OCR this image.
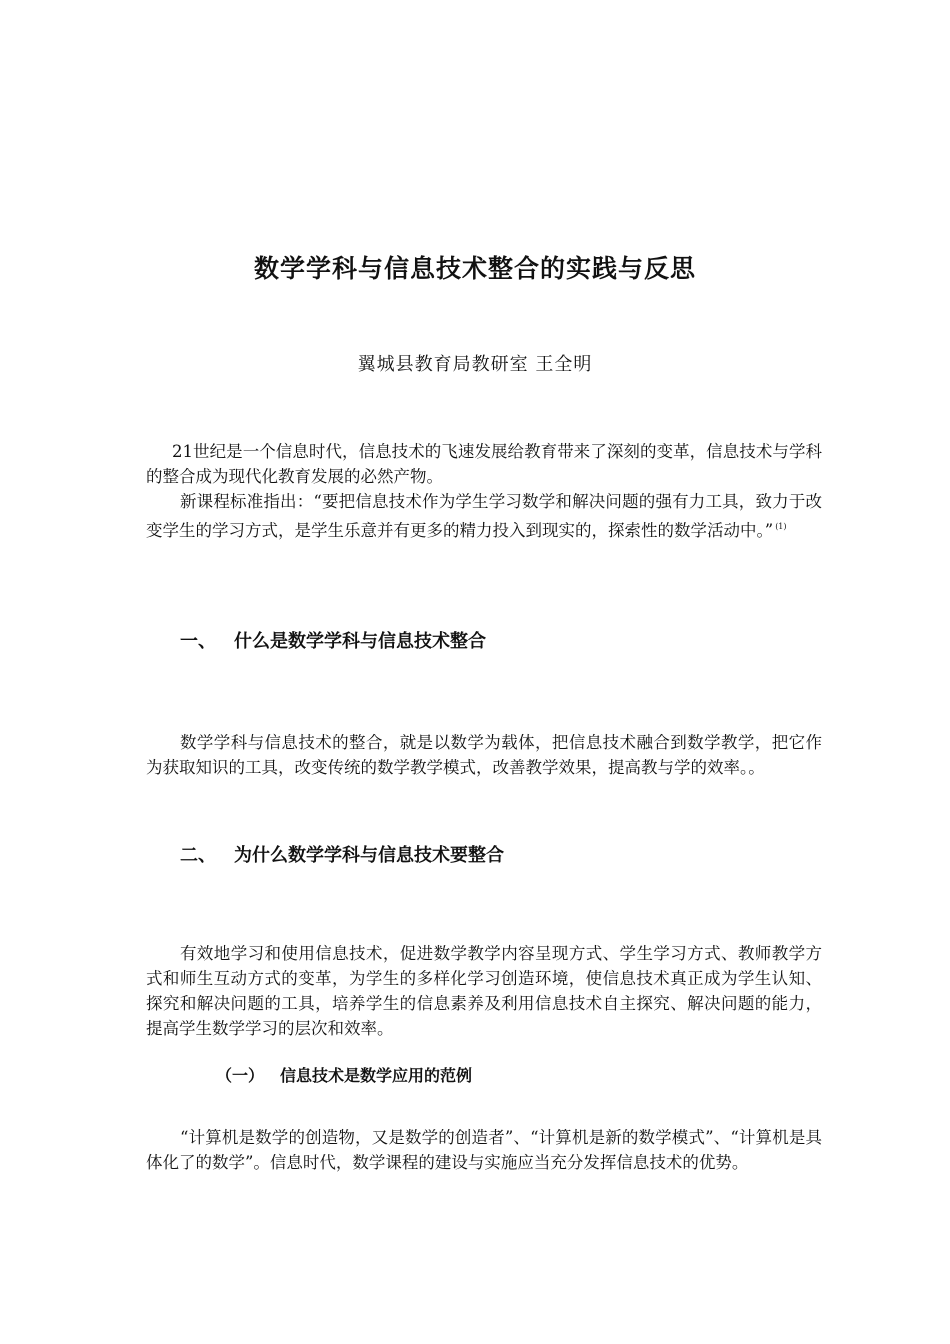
数学学科与信息技术整合的实践与反思
翼城县教育局教研室 王全明

21世纪是一个信息时代，信息技术的飞速发展给教育带来了深刻的变革，信息技术与学科的整合成为现代化教育发展的必然产物。

新课程标准指出：“要把信息技术作为学生学习数学和解决问题的强有力工具，致力于改变学生的学习方式，是学生乐意并有更多的精力投入到现实的，探索性的数学活动中。” $^{(1)}$

一、 什么是数学学科与信息技术整合

数学学科与信息技术的整合，就是以数学为载体，把信息技术融合到数学教学，把它作为获取知识的工具，改变传统的数学教学模式，改善教学效果，提高教与学的效率。。

二、 为什么数学学科与信息技术要整合

有效地学习和使用信息技术，促进数学教学内容呈现方式、学生学习方式、教师教学方式和师生互动方式的变革，为学生的多样化学习创造环境，使信息技术真正成为学生认知、探究和解决问题的工具，培养学生的信息素养及利用信息技术自主探究、解决问题的能力，提高学生数学学习的层次和效率。

（一） 信息技术是数学应用的范例

“计算机是数学的创造物，又是数学的创造者”、“计算机是新的数学模式”、“计算机是具体化了的数学”。信息时代，数学课程的建设与实施应当充分发挥信息技术的优势。
